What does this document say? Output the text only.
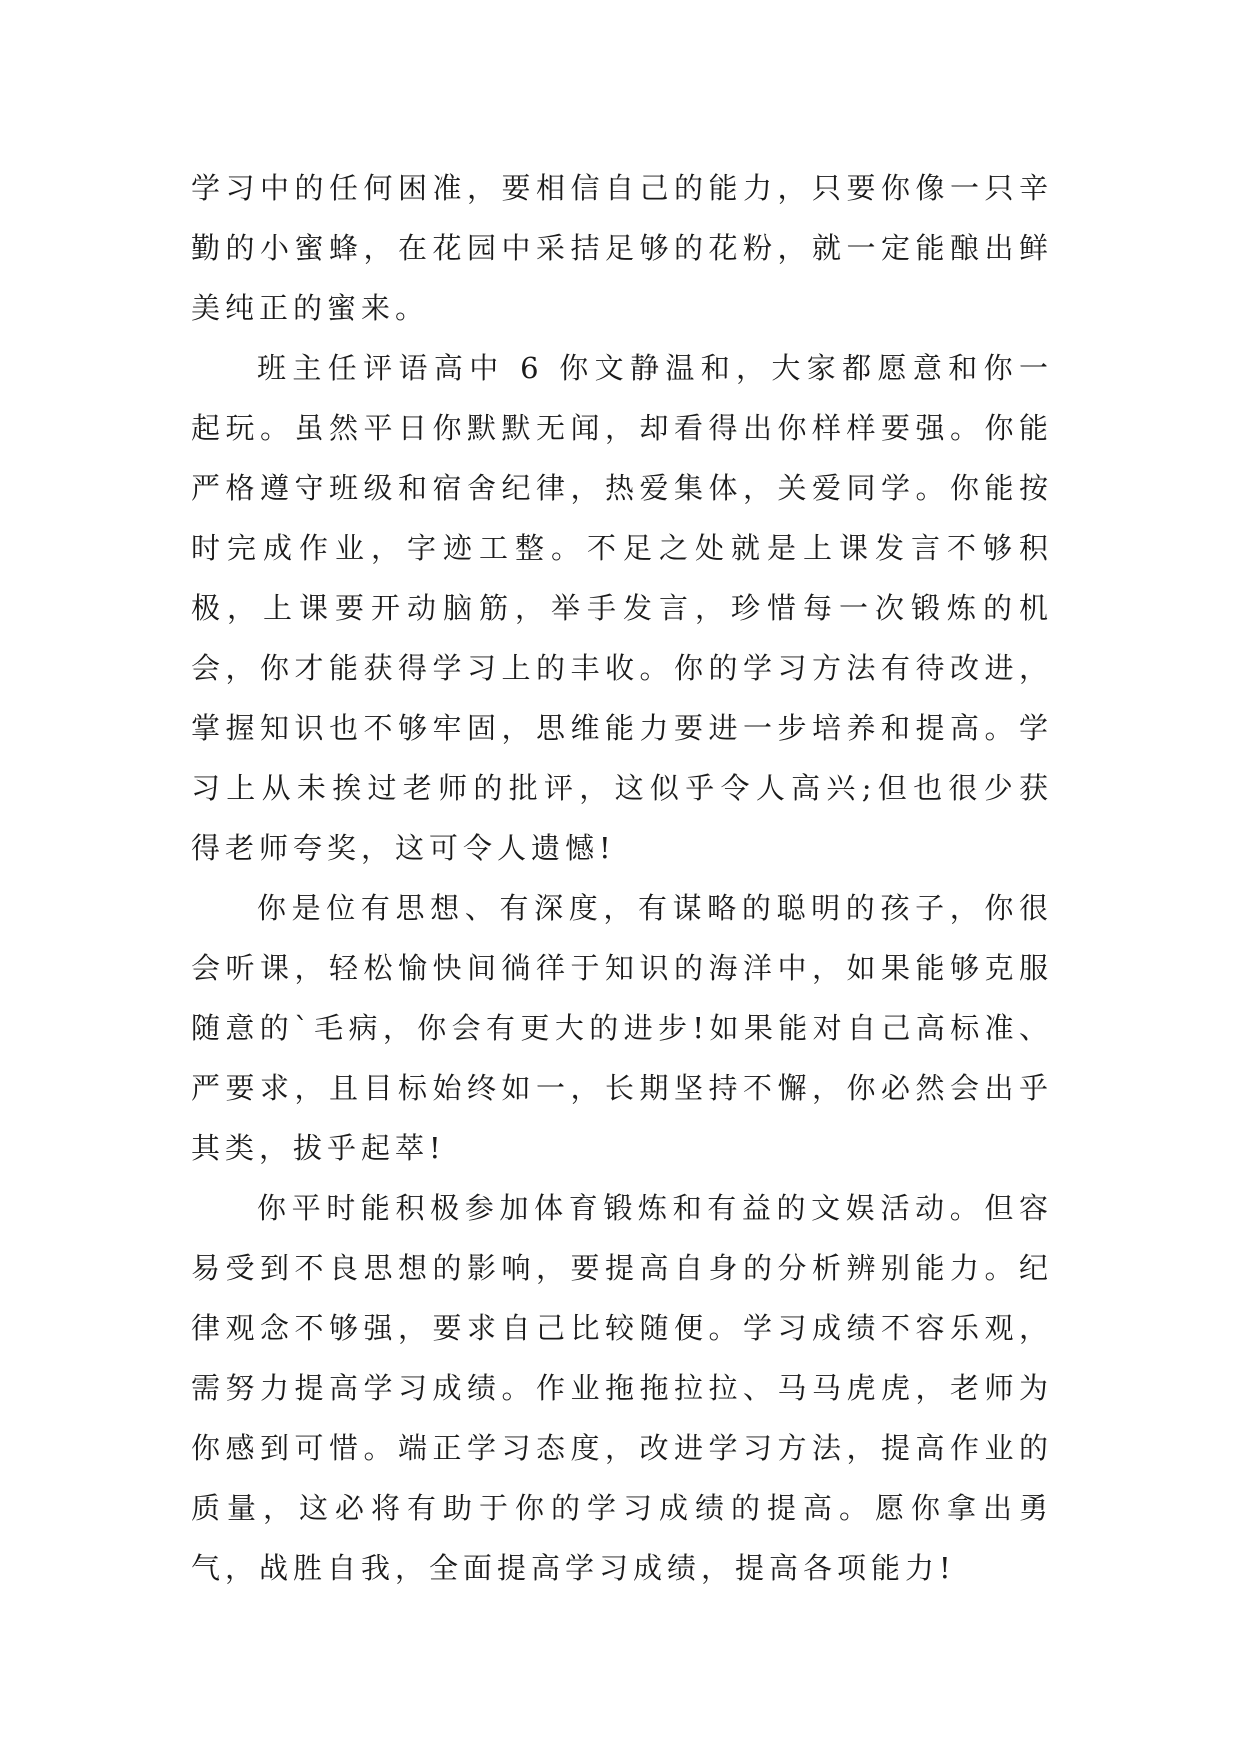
学习中的任何困准，要相信自己的能力，只要你像一只辛勤的小蜜蜂，在花园中采拮足够的花粉，就一定能酿出鲜美纯正的蜜来。

班主任评语高中 6 你文静温和，大家都愿意和你一起玩。虽然平日你默默无闻，却看得出你样样要强。你能严格遵守班级和宿舍纪律，热爱集体，关爱同学。你能按时完成作业，字迹工整。不足之处就是上课发言不够积极，上课要开动脑筋，举手发言，珍惜每一次锻炼的机会，你才能获得学习上的丰收。你的学习方法有待改进，掌握知识也不够牢固，思维能力要进一步培养和提高。学习上从未挨过老师的批评，这似乎令人高兴;但也很少获得老师夸奖，这可令人遗憾!

你是位有思想、有深度，有谋略的聪明的孩子，你很会听课，轻松愉快间徜徉于知识的海洋中，如果能够克服随意的`毛病，你会有更大的进步!如果能对自己高标准、严要求，且目标始终如一，长期坚持不懈，你必然会出乎其类，拔乎起萃!

你平时能积极参加体育锻炼和有益的文娱活动。但容易受到不良思想的影响，要提高自身的分析辨别能力。纪律观念不够强，要求自己比较随便。学习成绩不容乐观，需努力提高学习成绩。作业拖拖拉拉、马马虎虎，老师为你感到可惜。端正学习态度，改进学习方法，提高作业的质量，这必将有助于你的学习成绩的提高。愿你拿出勇气，战胜自我，全面提高学习成绩，提高各项能力!
